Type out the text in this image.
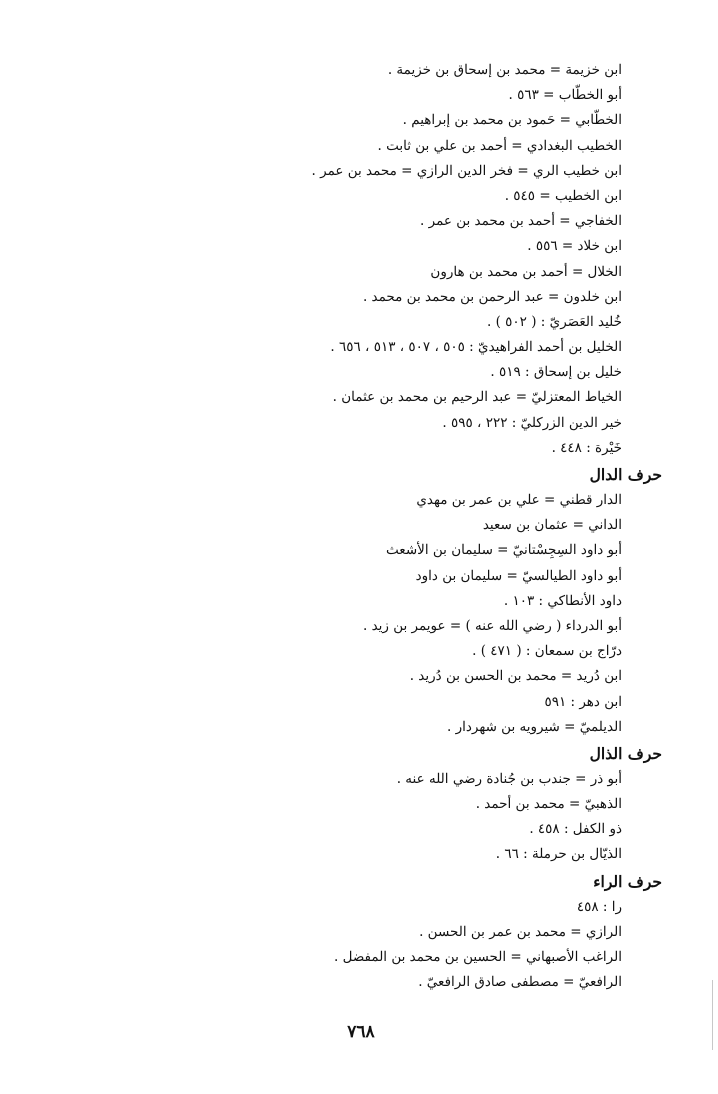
ابن خزيمة = محمد بن إسحاق بن خزيمة .
أبو الخطّاب = ٥٦٣ .
الخطّابي = حَمود بن محمد بن إبراهيم .
الخطيب البغدادي = أحمد بن علي بن ثابت .
ابن خطيب الري = فخر الدين الرازي = محمد بن عمر .
ابن الخطيب = ٥٤٥ .
الخفاجي = أحمد بن محمد بن عمر .
ابن خلاد = ٥٥٦ .
الخلال = أحمد بن محمد بن هارون
ابن خلدون = عبد الرحمن بن محمد بن محمد .
خُليد العَصَريّ : ( ٥٠٢ ) .
الخليل بن أحمد الفراهيديّ : ٥٠٥ ، ٥٠٧ ، ٥١٣ ، ٦٥٦ .
خليل بن إسحاق : ٥١٩ .
الخياط المعتزليّ = عبد الرحيم بن محمد بن عثمان .
خير الدين الزركليّ : ٢٢٢ ، ٥٩٥ .
خَيْرة : ٤٤٨ .
حرف الدال
الدار قطني = علي بن عمر بن مهدي
الداني = عثمان بن سعيد
أبو داود السِجِسْتانيّ = سليمان بن الأشعث
أبو داود الطيالسيّ = سليمان بن داود
داود الأنطاكي : ١٠٣ .
أبو الدرداء ( رضي الله عنه ) = عويمر بن زيد .
درّاج بن سمعان : ( ٤٧١ ) .
ابن دُريد = محمد بن الحسن بن دُريد .
ابن دهر : ٥٩١
الديلميّ = شيرويه بن شهردار .
حرف الذال
أبو ذر = جندب بن جُنادة رضي الله عنه .
الذهبيّ = محمد بن أحمد .
ذو الكفل : ٤٥٨ .
الذيّال بن حرملة : ٦٦ .
حرف الراء
را : ٤٥٨
الرازي = محمد بن عمر بن الحسن .
الراغب الأصبهاني = الحسين بن محمد بن المفضل .
الرافعيّ = مصطفى صادق الرافعيّ .
٧٦٨
